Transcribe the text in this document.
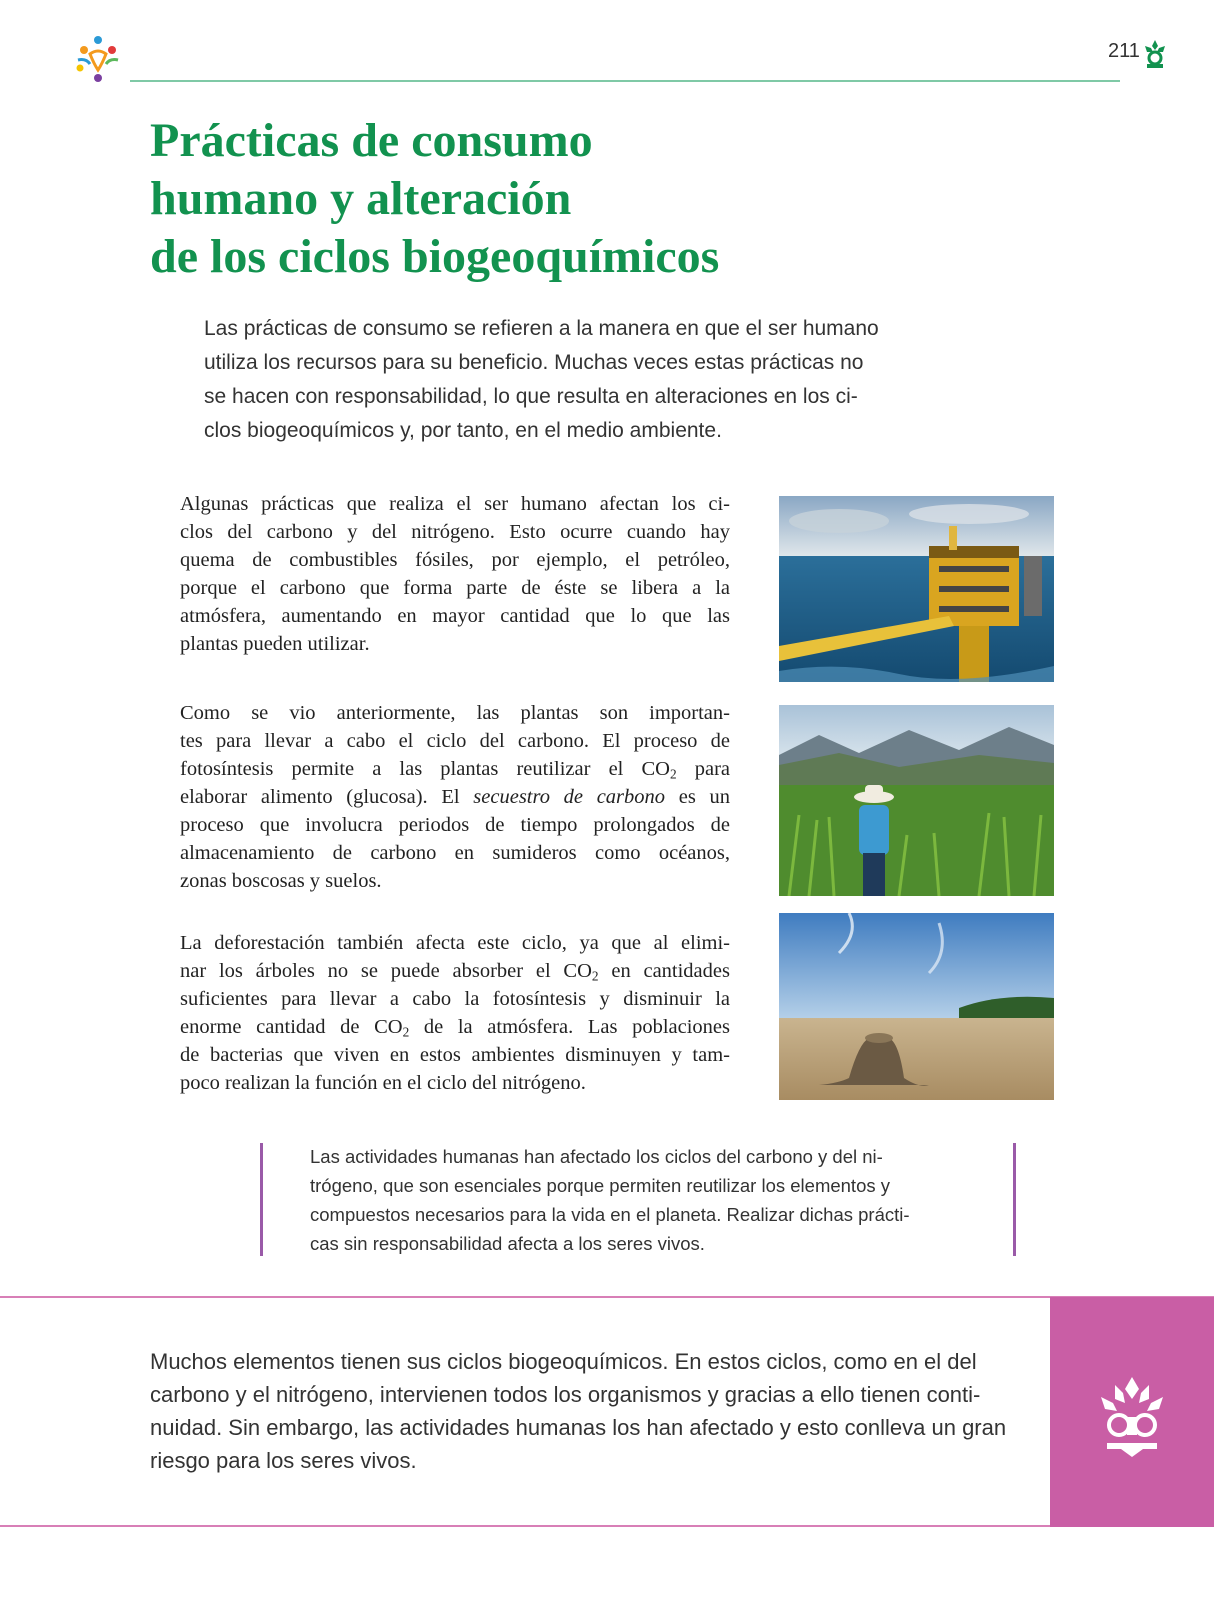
211
Prácticas de consumo
humano y alteración
de los ciclos biogeoquímicos
Las prácticas de consumo se refieren a la manera en que el ser humano
utiliza los recursos para su beneficio. Muchas veces estas prácticas no
se hacen con responsabilidad, lo que resulta en alteraciones en los ci-
clos biogeoquímicos y, por tanto, en el medio ambiente.
Algunas prácticas que realiza el ser humano afectan los ci-
clos del carbono y del nitrógeno. Esto ocurre cuando hay
quema de combustibles fósiles, por ejemplo, el petróleo,
porque el carbono que forma parte de éste se libera a la
atmósfera, aumentando en mayor cantidad que lo que las
plantas pueden utilizar.
Como se vio anteriormente, las plantas son importan-
tes para llevar a cabo el ciclo del carbono. El proceso de
fotosíntesis permite a las plantas reutilizar el $CO_2$ para
elaborar alimento (glucosa). El secuestro de carbono es un
proceso que involucra periodos de tiempo prolongados de
almacenamiento de carbono en sumideros como océanos,
zonas boscosas y suelos.
La deforestación también afecta este ciclo, ya que al elimi-
nar los árboles no se puede absorber el $CO_2$ en cantidades
suficientes para llevar a cabo la fotosíntesis y disminuir la
enorme cantidad de $CO_2$ de la atmósfera. Las poblaciones
de bacterias que viven en estos ambientes disminuyen y tam-
poco realizan la función en el ciclo del nitrógeno.
Las actividades humanas han afectado los ciclos del carbono y del ni-
trógeno, que son esenciales porque permiten reutilizar los elementos y
compuestos necesarios para la vida en el planeta. Realizar dichas prácti-
cas sin responsabilidad afecta a los seres vivos.
Muchos elementos tienen sus ciclos biogeoquímicos. En estos ciclos, como en el del
carbono y el nitrógeno, intervienen todos los organismos y gracias a ello tienen conti-
nuidad. Sin embargo, las actividades humanas los han afectado y esto conlleva un gran
riesgo para los seres vivos.
